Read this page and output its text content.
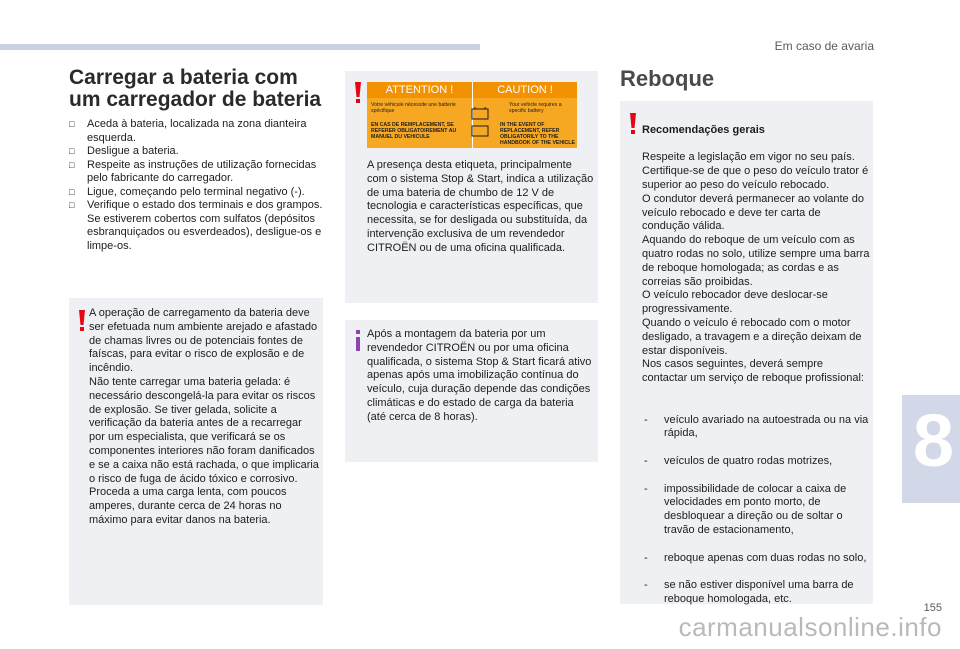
Em caso de avaria
8
155
Carregar a bateria com um carregador de bateria
□ Aceda à bateria, localizada na zona dianteira esquerda.
□ Desligue a bateria.
□ Respeite as instruções de utilização fornecidas pelo fabricante do carregador.
□ Ligue, começando pelo terminal negativo (-).
□ Verifique o estado dos terminais e dos grampos. Se estiverem cobertos com sulfatos (depósitos esbranquiçados ou esverdeados), desligue-os e limpe-os.
A operação de carregamento da bateria deve ser efetuada num ambiente arejado e afastado de chamas livres ou de potenciais fontes de faíscas, para evitar o risco de explosão e de incêndio.
Não tente carregar uma bateria gelada: é necessário descongelá-la para evitar os riscos de explosão. Se tiver gelada, solicite a verificação da bateria antes de a recarregar por um especialista, que verificará se os componentes interiores não foram danificados e se a caixa não está rachada, o que implicaria o risco de fuga de ácido tóxico e corrosivo.
Proceda a uma carga lenta, com poucos amperes, durante cerca de 24 horas no máximo para evitar danos na bateria.
A presença desta etiqueta, principalmente com o sistema Stop & Start, indica a utilização de uma bateria de chumbo de 12 V de tecnologia e características específicas, que necessita, se for desligada ou substituída, da intervenção exclusiva de um revendedor CITROËN ou de uma oficina qualificada.
ATTENTION !	CAUTION !
Votre véhicule nécessite une batterie spécifique
Your vehicle requires a specific battery
EN CAS DE REMPLACEMENT, SE REFERER OBLIGATOIREMENT AU MANUEL DU VEHICULE
IN THE EVENT OF REPLACEMENT, REFER OBLIGATORILY TO THE HANDBOOK OF THE VEHICLE
Após a montagem da bateria por um revendedor CITROËN ou por uma oficina qualificada, o sistema Stop & Start ficará ativo apenas após uma imobilização contínua do veículo, cuja duração depende das condições climáticas e do estado de carga da bateria (até cerca de 8 horas).
Reboque

Recomendações gerais

Respeite a legislação em vigor no seu país.
Certifique-se de que o peso do veículo trator é superior ao peso do veículo rebocado.
O condutor deverá permanecer ao volante do veículo rebocado e deve ter carta de condução válida.
Aquando do reboque de um veículo com as quatro rodas no solo, utilize sempre uma barra de reboque homologada; as cordas e as correias são proibidas.
O veículo rebocador deve deslocar-se progressivamente.
Quando o veículo é rebocado com o motor desligado, a travagem e a direção deixam de estar disponíveis.
Nos casos seguintes, deverá sempre contactar um serviço de reboque profissional:

- veículo avariado na autoestrada ou na via rápida,

- veículos de quatro rodas motrizes,

- impossibilidade de colocar a caixa de velocidades em ponto morto, de desbloquear a direção ou de soltar o travão de estacionamento,

- reboque apenas com duas rodas no solo,

- se não estiver disponível uma barra de reboque homologada, etc.

carmanualsonline.info
